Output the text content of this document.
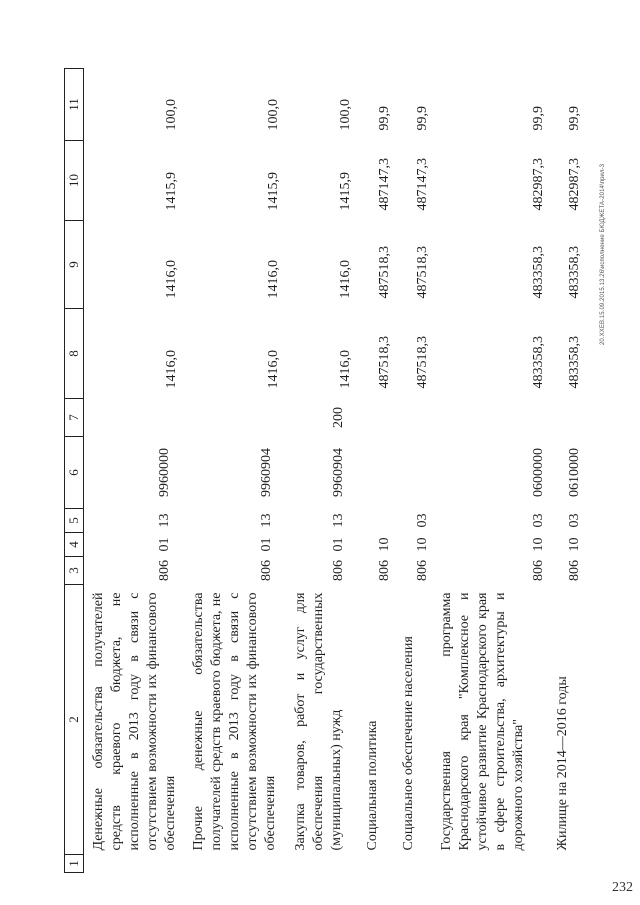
1	2	3	4	5	6	7	8	9	10	11
	Денежные обязательства получателей средств краевого бюджета, не исполненные в 2013 году в связи с отсутствием возможности их финансового обеспечения	806	01	13	9960000		1416,0	1416,0	1415,9	100,0
	Прочие денежные обязательства получателей средств краевого бюджета, не исполненные в 2013 году в связи с отсутствием возможности их финансового обеспечения	806	01	13	9960904		1416,0	1416,0	1415,9	100,0
	Закупка товаров, работ и услуг для обеспечения государственных (муниципальных) нужд	806	01	13	9960904	200	1416,0	1416,0	1415,9	100,0
	Социальная политика	806	10				487518,3	487518,3	487147,3	99,9
	Социальное обеспечение населения	806	10	03			487518,3	487518,3	487147,3	99,9
	Государственная программа Краснодарского края "Комплексное и устойчивое развитие Краснодарского края в сфере строительства, архитектуры и дорожного хозяйства"	806	10	03	0600000		483358,3	483358,3	482987,3	99,9
	Жилище на 2014—2016 годы	806	10	03	0610000		483358,3	483358,3	482987,3	99,9
20.ХХЕВ.15.09.2015.13.26\исполнение БЮДЖЕТА-2014\прил-3
232
